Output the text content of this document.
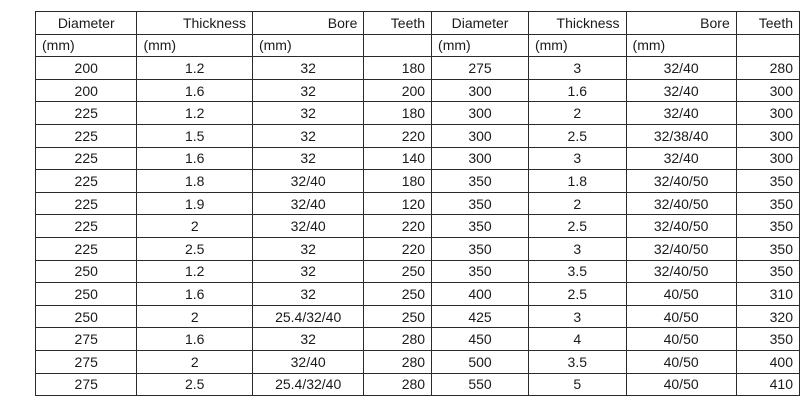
Diameter	Thickness	Bore	Teeth	Diameter	Thickness	Bore	Teeth
(mm)	(mm)	(mm)		(mm)	(mm)	(mm)	
200	1.2	32	180	275	3	32/40	280
200	1.6	32	200	300	1.6	32/40	300
225	1.2	32	180	300	2	32/40	300
225	1.5	32	220	300	2.5	32/38/40	300
225	1.6	32	140	300	3	32/40	300
225	1.8	32/40	180	350	1.8	32/40/50	350
225	1.9	32/40	120	350	2	32/40/50	350
225	2	32/40	220	350	2.5	32/40/50	350
225	2.5	32	220	350	3	32/40/50	350
250	1.2	32	250	350	3.5	32/40/50	350
250	1.6	32	250	400	2.5	40/50	310
250	2	25.4/32/40	250	425	3	40/50	320
275	1.6	32	280	450	4	40/50	350
275	2	32/40	280	500	3.5	40/50	400
275	2.5	25.4/32/40	280	550	5	40/50	410
